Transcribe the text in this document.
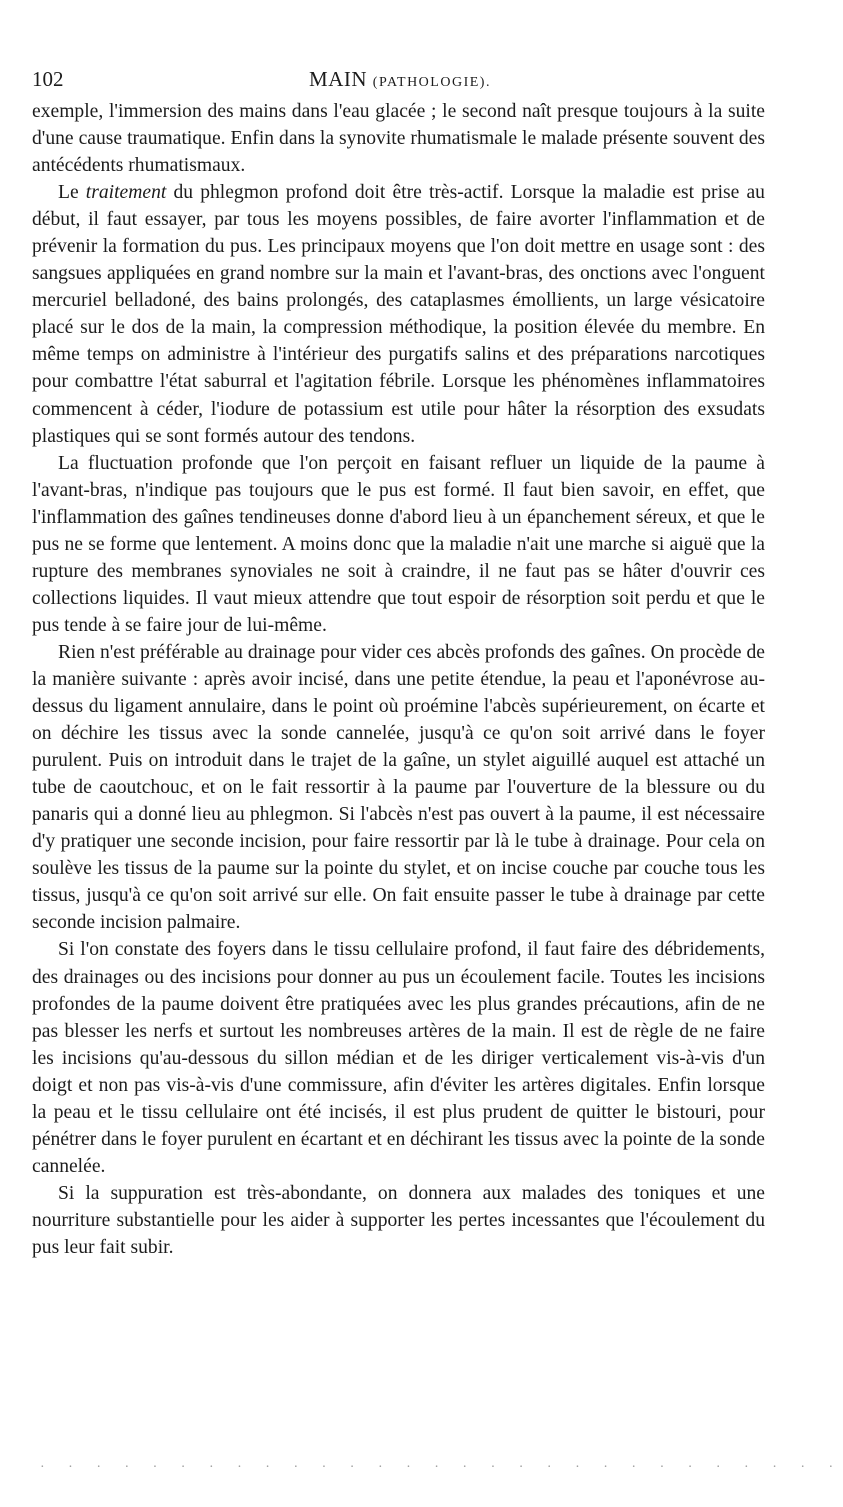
102	MAIN (PATHOLOGIE).

exemple, l'immersion des mains dans l'eau glacée ; le second naît presque toujours à la suite d'une cause traumatique. Enfin dans la synovite rhumatismale le malade présente souvent des antécédents rhumatismaux.

Le traitement du phlegmon profond doit être très-actif. Lorsque la maladie est prise au début, il faut essayer, par tous les moyens possibles, de faire avorter l'inflammation et de prévenir la formation du pus. Les principaux moyens que l'on doit mettre en usage sont : des sangsues appliquées en grand nombre sur la main et l'avant-bras, des onctions avec l'onguent mercuriel belladoné, des bains prolongés, des cataplasmes émollients, un large vésicatoire placé sur le dos de la main, la compression méthodique, la position élevée du membre. En même temps on administre à l'intérieur des purgatifs salins et des préparations narcotiques pour combattre l'état saburral et l'agitation fébrile. Lorsque les phénomènes inflammatoires commencent à céder, l'iodure de potassium est utile pour hâter la résorption des exsudats plastiques qui se sont formés autour des tendons.

La fluctuation profonde que l'on perçoit en faisant refluer un liquide de la paume à l'avant-bras, n'indique pas toujours que le pus est formé. Il faut bien savoir, en effet, que l'inflammation des gaînes tendineuses donne d'abord lieu à un épanchement séreux, et que le pus ne se forme que lentement. A moins donc que la maladie n'ait une marche si aiguë que la rupture des membranes synoviales ne soit à craindre, il ne faut pas se hâter d'ouvrir ces collections liquides. Il vaut mieux attendre que tout espoir de résorption soit perdu et que le pus tende à se faire jour de lui-même.

Rien n'est préférable au drainage pour vider ces abcès profonds des gaînes. On procède de la manière suivante : après avoir incisé, dans une petite étendue, la peau et l'aponévrose au-dessus du ligament annulaire, dans le point où proémine l'abcès supérieurement, on écarte et on déchire les tissus avec la sonde cannelée, jusqu'à ce qu'on soit arrivé dans le foyer purulent. Puis on introduit dans le trajet de la gaîne, un stylet aiguillé auquel est attaché un tube de caoutchouc, et on le fait ressortir à la paume par l'ouverture de la blessure ou du panaris qui a donné lieu au phlegmon. Si l'abcès n'est pas ouvert à la paume, il est nécessaire d'y pratiquer une seconde incision, pour faire ressortir par là le tube à drainage. Pour cela on soulève les tissus de la paume sur la pointe du stylet, et on incise couche par couche tous les tissus, jusqu'à ce qu'on soit arrivé sur elle. On fait ensuite passer le tube à drainage par cette seconde incision palmaire.

Si l'on constate des foyers dans le tissu cellulaire profond, il faut faire des débridements, des drainages ou des incisions pour donner au pus un écoulement facile. Toutes les incisions profondes de la paume doivent être pratiquées avec les plus grandes précautions, afin de ne pas blesser les nerfs et surtout les nombreuses artères de la main. Il est de règle de ne faire les incisions qu'au-dessous du sillon médian et de les diriger verticalement vis-à-vis d'un doigt et non pas vis-à-vis d'une commissure, afin d'éviter les artères digitales. Enfin lorsque la peau et le tissu cellulaire ont été incisés, il est plus prudent de quitter le bistouri, pour pénétrer dans le foyer purulent en écartant et en déchirant les tissus avec la pointe de la sonde cannelée.

Si la suppuration est très-abondante, on donnera aux malades des toniques et une nourriture substantielle pour les aider à supporter les pertes incessantes que l'écoulement du pus leur fait subir.

· · · · · · · · · · · · · · · · · · · · · · · · · · · · ·
